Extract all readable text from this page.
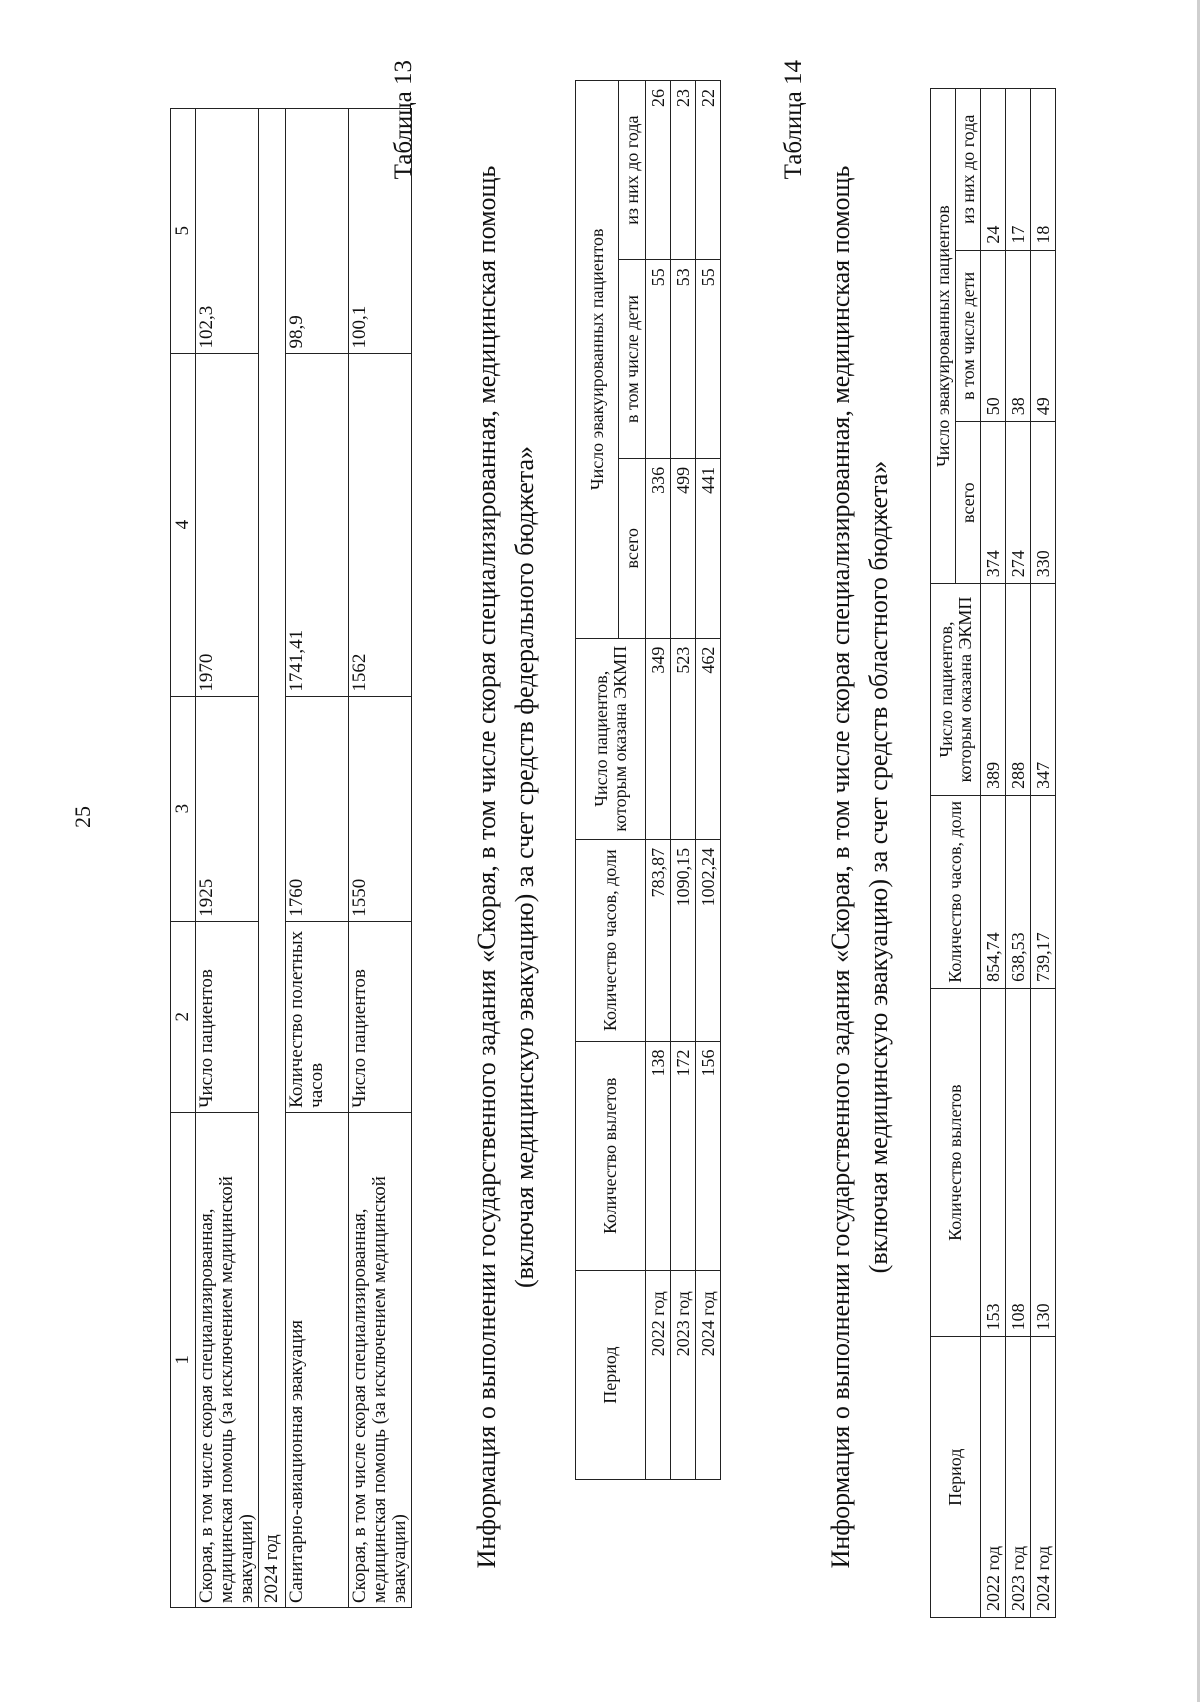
25
1	2	3	4	5
Скорая, в том числе скорая специализированная, медицинская помощь (за исключением медицинской эвакуации)	Число пациентов	1925	1970	102,3
2024 год				
Санитарно-авиационная эвакуация	Количество полетных часов	1760	1741,41	98,9
Скорая, в том числе скорая специализированная, медицинская помощь (за исключением медицинской эвакуации)	Число пациентов	1550	1562	100,1
Таблица 13
Информация о выполнении государственного задания «Скорая, в том числе скорая специализированная, медицинская помощь (включая медицинскую эвакуацию) за счет средств федерального бюджета»
Период	Количество вылетов	Количество часов, доли	Число пациентов, которым оказана ЭКМП	Число эвакуированных пациентов		
				всего	в том числе дети	из них до года
2022 год	138	783,87	349	336	55	26
2023 год	172	1090,15	523	499	53	23
2024 год	156	1002,24	462	441	55	22	Таблица 14
Информация о выполнении государственного задания «Скорая, в том числе скорая специализированная, медицинская помощь (включая медицинскую эвакуацию) за счет средств областного бюджета»
Период	Количество вылетов	Количество часов, доли	Число пациентов, которым оказана ЭКМП	Число эвакуированных пациентов		
				всего	в том числе дети	из них до года
2022 год	153	854,74	389	374	50	24
2023 год	108	638,53	288	274	38	17
2024 год	130	739,17	347	330	49	18
